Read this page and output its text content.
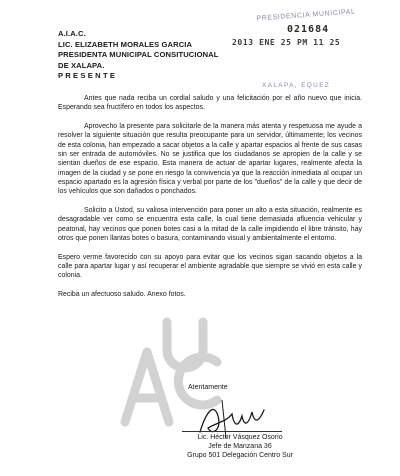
PRESIDENCIA MUNICIPAL
021684
2013 ENE 25 PM 11 25
XALAPA, EQUEZ
A.I.A.C.
LIC. ELIZABETH MORALES GARCIA
PRESIDENTA MUNICIPAL CONSITUCIONAL
DE XALAPA.
P R E S E N T E

Antes que nada reciba un cordial saludo y una felicitación por el año nuevo que inicia. Esperando sea fructífero en todos los aspectos.

Aprovecho la presente para solicitarle de la manera más atenta y respetuosa me ayude a resolver la siguiente situación que resulta preocupante para un servidor, últimamente; los vecinos de esta colonia, han empezado a sacar objetos a la calle y apartar espacios al frente de sus casas sin ser entrada de automóviles. No se justifica que los ciudadanos se apropien de la calle y se sientan dueños de ese espacio. Esta manera de actuar de apartar lugares, realmente afecta la imagen de la ciudad y se pone en riesgo la convivencia ya que la reacción inmediata al ocupar un espacio apartado es la agresión física y verbal por parte de los "dueños" de la calle y que decir de los vehículos que son dañados o ponchados.

Solicito a Ustod, su valiosa intervención para poner un alto a esta situación, realmente es desagradable ver como se encuentra esta calle, la cual tiene demasiada afluencia vehicular y peatonal, hay vecinos que ponen botes casi a la mitad de la calle impidiendo el libre tránsito, hay otros que ponen llantas botes o basura, contaminando visual y ambientalmente el entorno.

Espero verme favorecido con su apoyo para evitar que los vecinos sigan sacando objetos a la calle para apartar lugar y así recuperar el ambiente agradable que siempre se vivió en esta calle y colonia.

Reciba un afectuoso saludo. Anexo fotos.

Atentamente
Lic. Héctor Vásquez Osorio
Jefe de Manzana 36
Grupo 501 Delegación Centro Sur
